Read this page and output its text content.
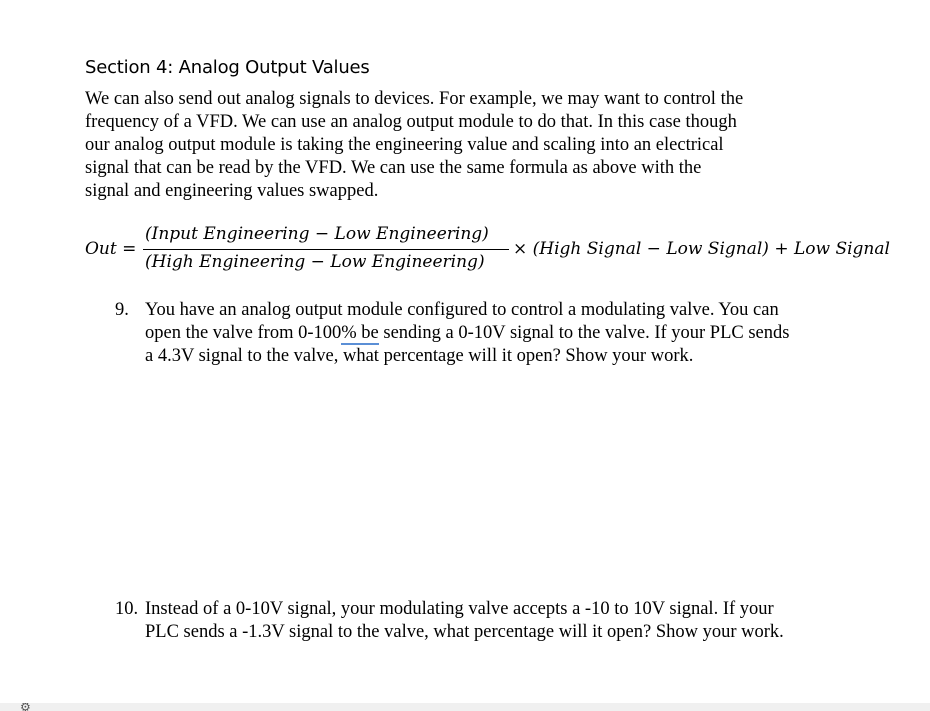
Section 4: Analog Output Values

We can also send out analog signals to devices. For example, we may want to control the
frequency of a VFD. We can use an analog output module to do that. In this case though
our analog output module is taking the engineering value and scaling into an electrical
signal that can be read by the VFD. We can use the same formula as above with the
signal and engineering values swapped.

Out =
(Input Engineering − Low Engineering)
(High Engineering − Low Engineering)
× (High Signal − Low Signal) + Low Signal
9. You have an analog output module configured to control a modulating valve. You can
open the valve from 0-100% be sending a 0-10V signal to the valve. If your PLC sends
a 4.3V signal to the valve, what percentage will it open? Show your work.
10. Instead of a 0-10V signal, your modulating valve accepts a -10 to 10V signal. If your
PLC sends a -1.3V signal to the valve, what percentage will it open? Show your work.
⚙
